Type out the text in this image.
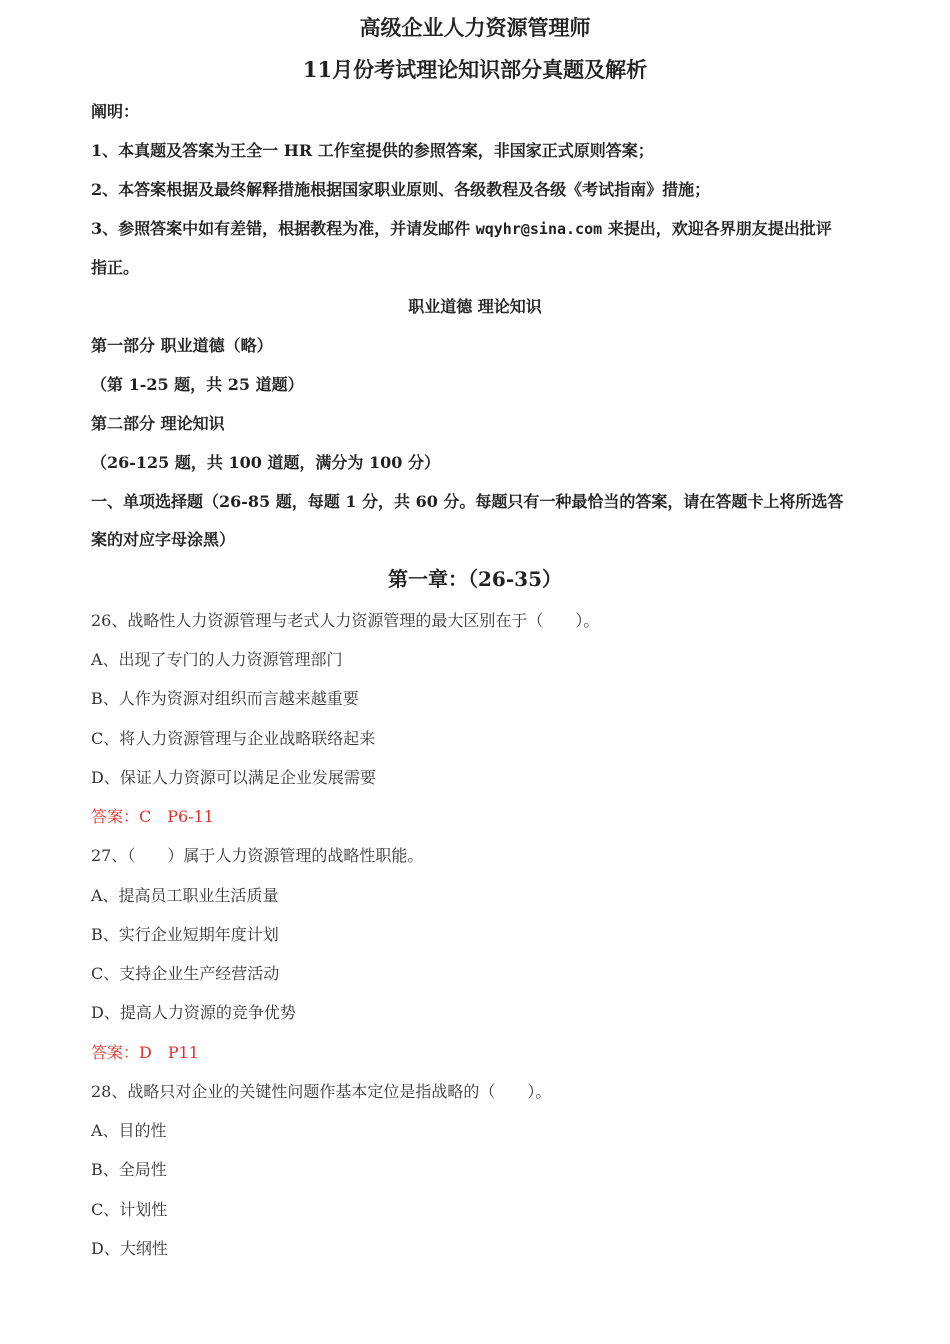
高级企业人力资源管理师
11月份考试理论知识部分真题及解析
阐明：
1、本真题及答案为王全一 HR 工作室提供的参照答案，非国家正式原则答案；
2、本答案根据及最终解释措施根据国家职业原则、各级教程及各级《考试指南》措施；
3、参照答案中如有差错，根据教程为准，并请发邮件 wqyhr@sina.com 来提出，欢迎各界朋友提出批评
指正。
职业道德 理论知识
第一部分 职业道德（略）
（第 1-25 题，共 25 道题）
第二部分 理论知识
（26-125 题，共 100 道题，满分为 100 分）
一、单项选择题（26-85 题，每题 1 分，共 60 分。每题只有一种最恰当的答案，请在答题卡上将所选答
案的对应字母涂黑）
第一章：（26-35）
26、战略性人力资源管理与老式人力资源管理的最大区别在于（　　）。
A、出现了专门的人力资源管理部门
B、人作为资源对组织而言越来越重要
C、将人力资源管理与企业战略联络起来
D、保证人力资源可以满足企业发展需要
答案：C　P6-11
27、（　　）属于人力资源管理的战略性职能。
A、提高员工职业生活质量
B、实行企业短期年度计划
C、支持企业生产经营活动
D、提高人力资源的竞争优势
答案：D　P11
28、战略只对企业的关键性问题作基本定位是指战略的（　　）。
A、目的性
B、全局性
C、计划性
D、大纲性
